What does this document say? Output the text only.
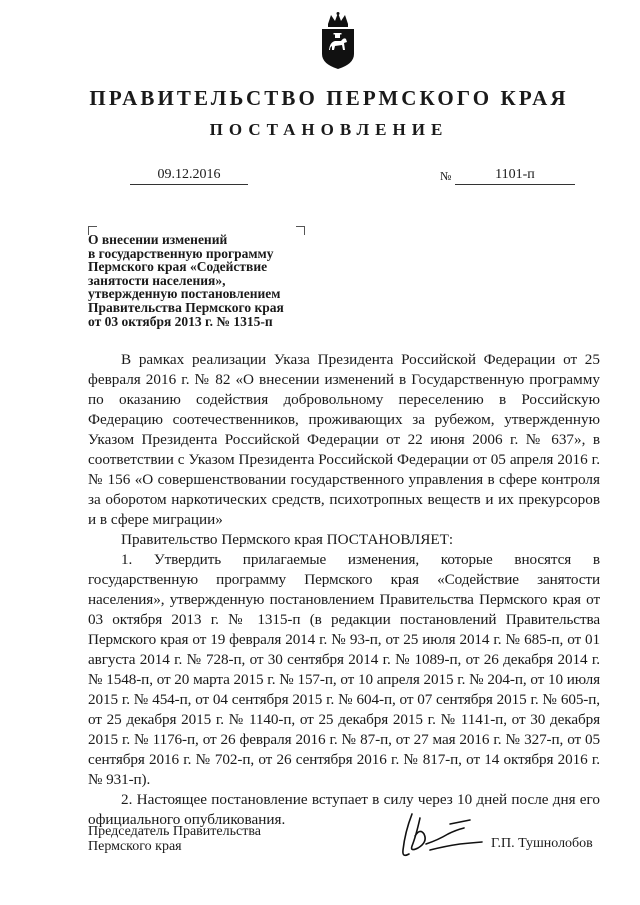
ПРАВИТЕЛЬСТВО ПЕРМСКОГО КРАЯ
ПОСТАНОВЛЕНИЕ
09.12.2016	№	1101-п
О внесении изменений
в государственную программу
Пермского края «Содействие
занятости населения»,
утвержденную постановлением
Правительства Пермского края
от 03 октября 2013 г. № 1315-п

В рамках реализации Указа Президента Российской Федерации от 25 февраля 2016 г. № 82 «О внесении изменений в Государственную программу по оказанию содействия добровольному переселению в Российскую Федерацию соотечественников, проживающих за рубежом, утвержденную Указом Президента Российской Федерации от 22 июня 2006 г. № 637», в соответствии с Указом Президента Российской Федерации от 05 апреля 2016 г. № 156 «О совершенствовании государственного управления в сфере контроля за оборотом наркотических средств, психотропных веществ и их прекурсоров и в сфере миграции»

Правительство Пермского края ПОСТАНОВЛЯЕТ:

1. Утвердить прилагаемые изменения, которые вносятся в государственную программу Пермского края «Содействие занятости населения», утвержденную постановлением Правительства Пермского края от 03 октября 2013 г. № 1315-п (в редакции постановлений Правительства Пермского края от 19 февраля 2014 г. № 93-п, от 25 июля 2014 г. № 685-п, от 01 августа 2014 г. № 728-п, от 30 сентября 2014 г. № 1089-п, от 26 декабря 2014 г. № 1548-п, от 20 марта 2015 г. № 157-п, от 10 апреля 2015 г. № 204-п, от 10 июля 2015 г. № 454-п, от 04 сентября 2015 г. № 604-п, от 07 сентября 2015 г. № 605-п, от 25 декабря 2015 г. № 1140-п, от 25 декабря 2015 г. № 1141-п, от 30 декабря 2015 г. № 1176-п, от 26 февраля 2016 г. № 87-п, от 27 мая 2016 г. № 327-п, от 05 сентября 2016 г. № 702-п, от 26 сентября 2016 г. № 817-п, от 14 октября 2016 г. № 931-п).

2. Настоящее постановление вступает в силу через 10 дней после дня его официального опубликования.

Председатель Правительства
Пермского края	Г.П. Тушнолобов
